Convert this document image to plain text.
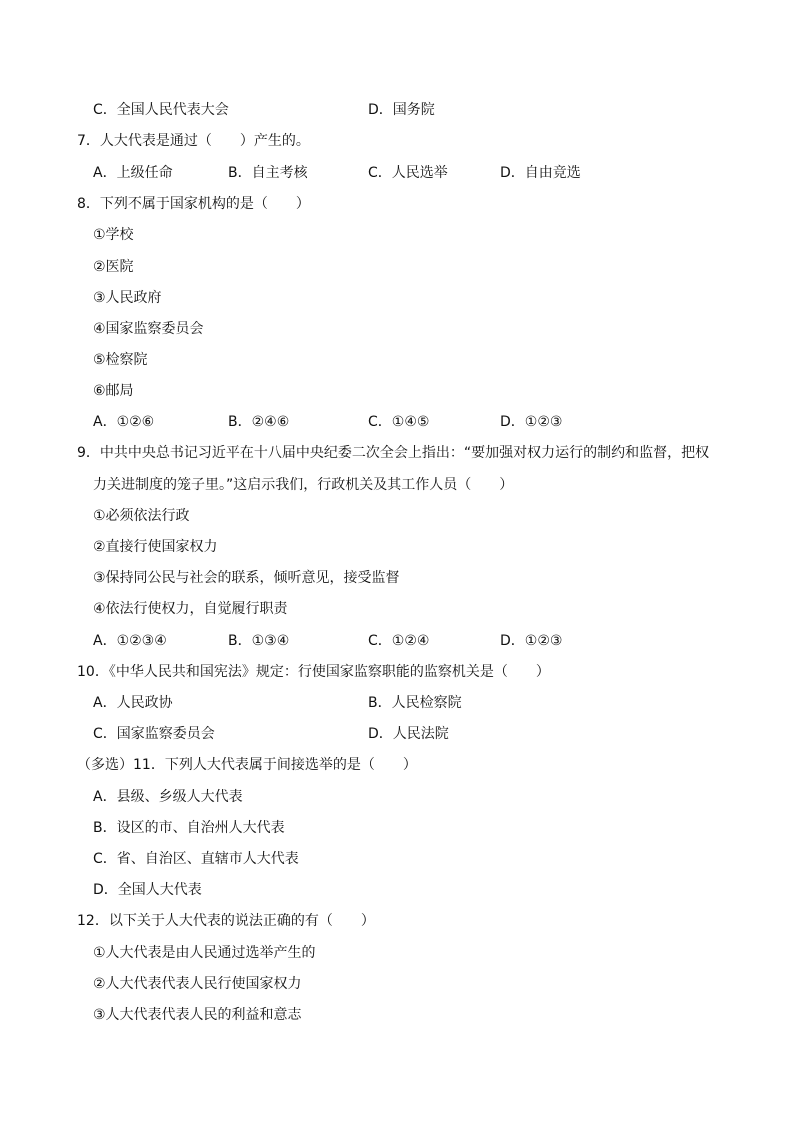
C．全国人民代表大会	D．国务院
7．人大代表是通过（　　）产生的。
A．上级任命	B．自主考核	C．人民选举	D．自由竞选
8．下列不属于国家机构的是（　　）
①学校
②医院
③人民政府
④国家监察委员会
⑤检察院
⑥邮局
A．①②⑥	B．②④⑥	C．①④⑤	D．①②③
9．中共中央总书记习近平在十八届中央纪委二次全会上指出：“要加强对权力运行的制约和监督，把权
力关进制度的笼子里。”这启示我们，行政机关及其工作人员（　　）
①必须依法行政
②直接行使国家权力
③保持同公民与社会的联系，倾听意见，接受监督
④依法行使权力，自觉履行职责
A．①②③④	B．①③④	C．①②④	D．①②③
10．《中华人民共和国宪法》规定：行使国家监察职能的监察机关是（　　）
A．人民政协	B．人民检察院
C．国家监察委员会	D．人民法院
（多选）11．下列人大代表属于间接选举的是（　　）
A．县级、乡级人大代表
B．设区的市、自治州人大代表
C．省、自治区、直辖市人大代表
D．全国人大代表
12．以下关于人大代表的说法正确的有（　　）
①人大代表是由人民通过选举产生的
②人大代表代表人民行使国家权力
③人大代表代表人民的利益和意志
